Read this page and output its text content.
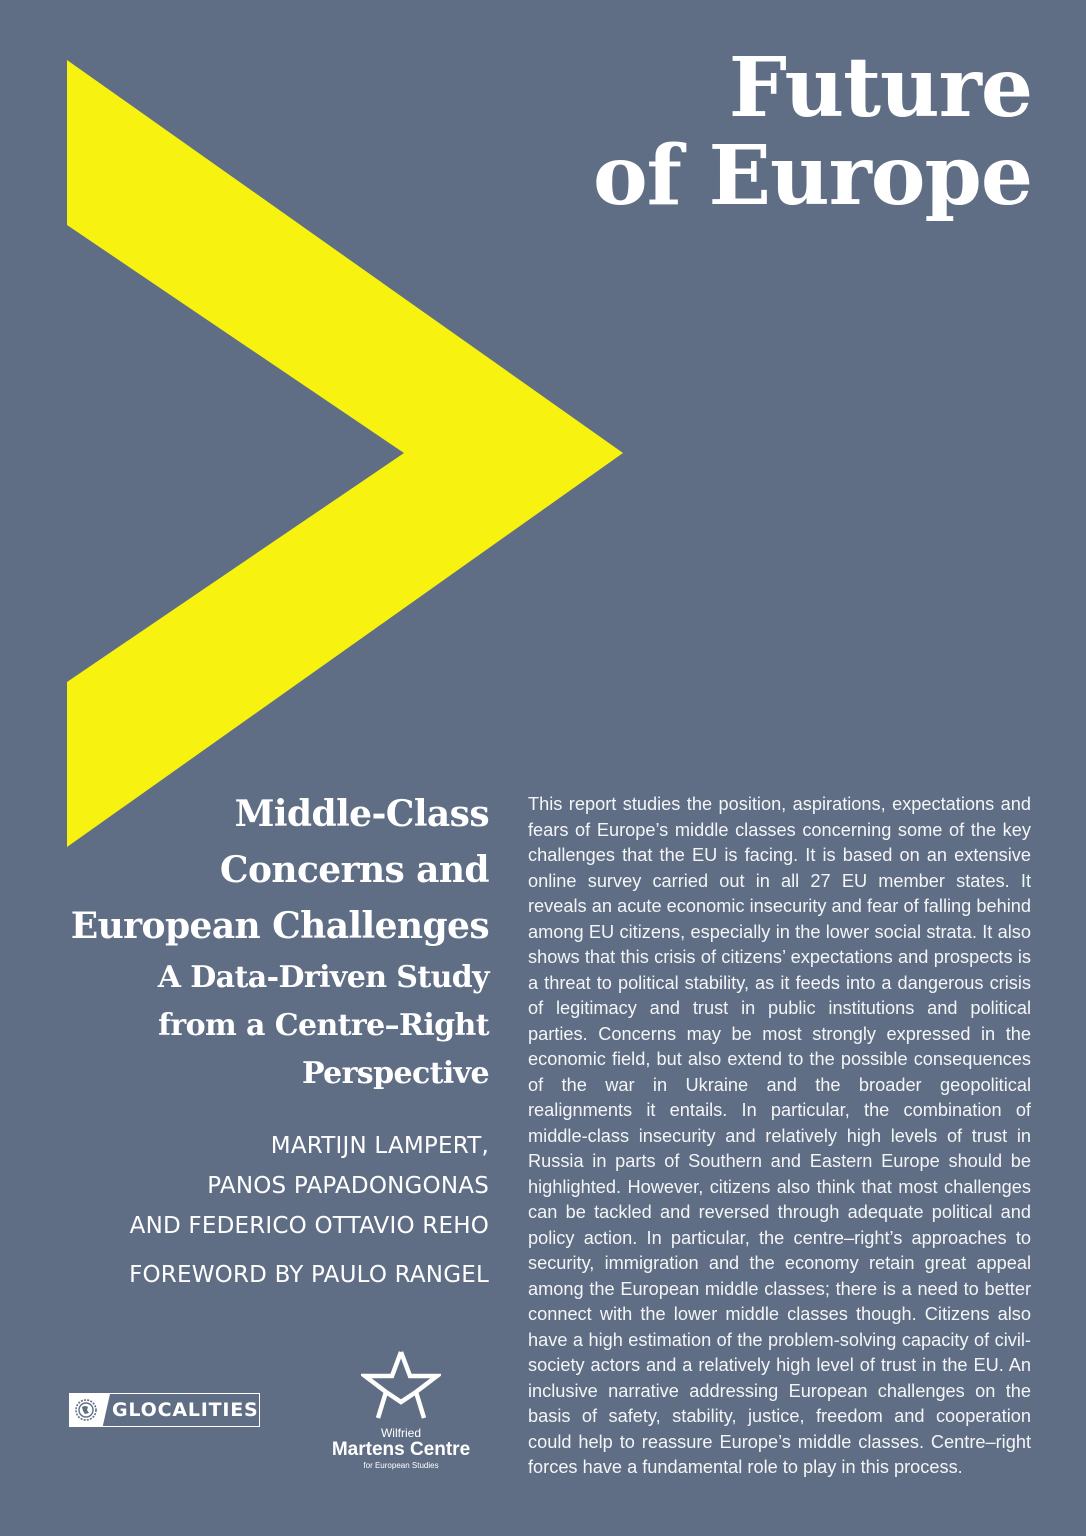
Future
of Europe
Middle-Class
Concerns and
European Challenges
A Data-Driven Study
from a Centre–Right
Perspective
MARTIJN LAMPERT,
PANOS PAPADONGONAS
AND FEDERICO OTTAVIO REHO
FOREWORD BY PAULO RANGEL

This report studies the position, aspirations, expectations and fears of Europe’s middle classes concerning some of the key challenges that the EU is facing. It is based on an extensive online survey carried out in all 27 EU member states. It reveals an acute economic insecurity and fear of falling behind among EU citizens, especially in the lower social strata. It also shows that this crisis of citizens’ expectations and prospects is a threat to political stability, as it feeds into a dangerous crisis of legitimacy and trust in public institutions and political parties. Concerns may be most strongly expressed in the economic field, but also extend to the possible consequences of the war in Ukraine and the broader geopolitical realignments it entails. In particular, the combination of middle-class insecurity and relatively high levels of trust in Russia in parts of Southern and Eastern Europe should be highlighted. However, citizens also think that most challenges can be tackled and reversed through adequate political and policy action. In particular, the centre–right’s approaches to security, immigration and the economy retain great appeal among the European middle classes; there is a need to better connect with the lower middle classes though. Citizens also have a high estimation of the problem-solving capacity of civil-society actors and a relatively high level of trust in the EU. An inclusive narrative addressing European challenges on the basis of safety, stability, justice, freedom and cooperation could help to reassure Europe’s middle classes. Centre–right forces have a fundamental role to play in this process.

GLOCALITIES
Wilfried
Martens Centre
for European Studies
